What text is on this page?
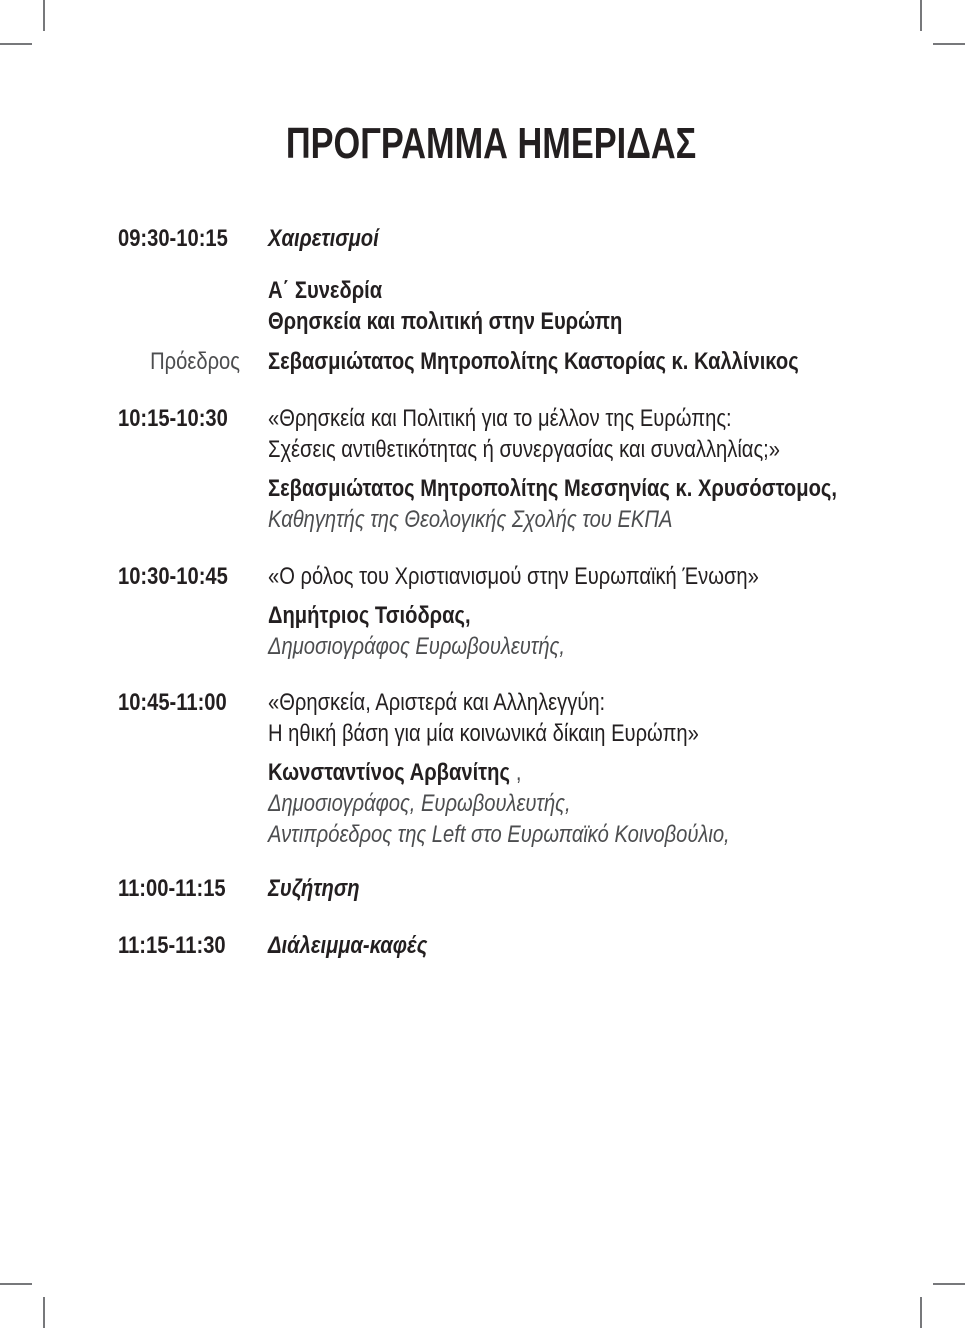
ΠΡΟΓΡΑΜΜΑ ΗΜΕΡΙΔΑΣ
09:30-10:15	Χαιρετισμοί
Α΄ Συνεδρία
Θρησκεία και πολιτική στην Ευρώπη
Πρόεδρος	Σεβασμιώτατος Μητροπολίτης Καστορίας κ. Καλλίνικος
10:15-10:30	«Θρησκεία και Πολιτική για το μέλλον της Ευρώπης:
Σχέσεις αντιθετικότητας ή συνεργασίας και συναλληλίας;»
Σεβασμιώτατος Μητροπολίτης Μεσσηνίας κ. Χρυσόστομος,
Καθηγητής της Θεολογικής Σχολής του ΕΚΠΑ
10:30-10:45	«Ο ρόλος του Χριστιανισμού στην Ευρωπαϊκή Ένωση»
Δημήτριος Τσιόδρας,
Δημοσιογράφος Ευρωβουλευτής,
10:45-11:00	«Θρησκεία, Αριστερά και Αλληλεγγύη:
Η ηθική βάση για μία κοινωνικά δίκαιη Ευρώπη»
Κωνσταντίνος Αρβανίτης ,
Δημοσιογράφος, Ευρωβουλευτής,
Αντιπρόεδρος της Left στο Ευρωπαϊκό Κοινοβούλιο,
11:00-11:15	Συζήτηση
11:15-11:30	Διάλειμμα-καφές
